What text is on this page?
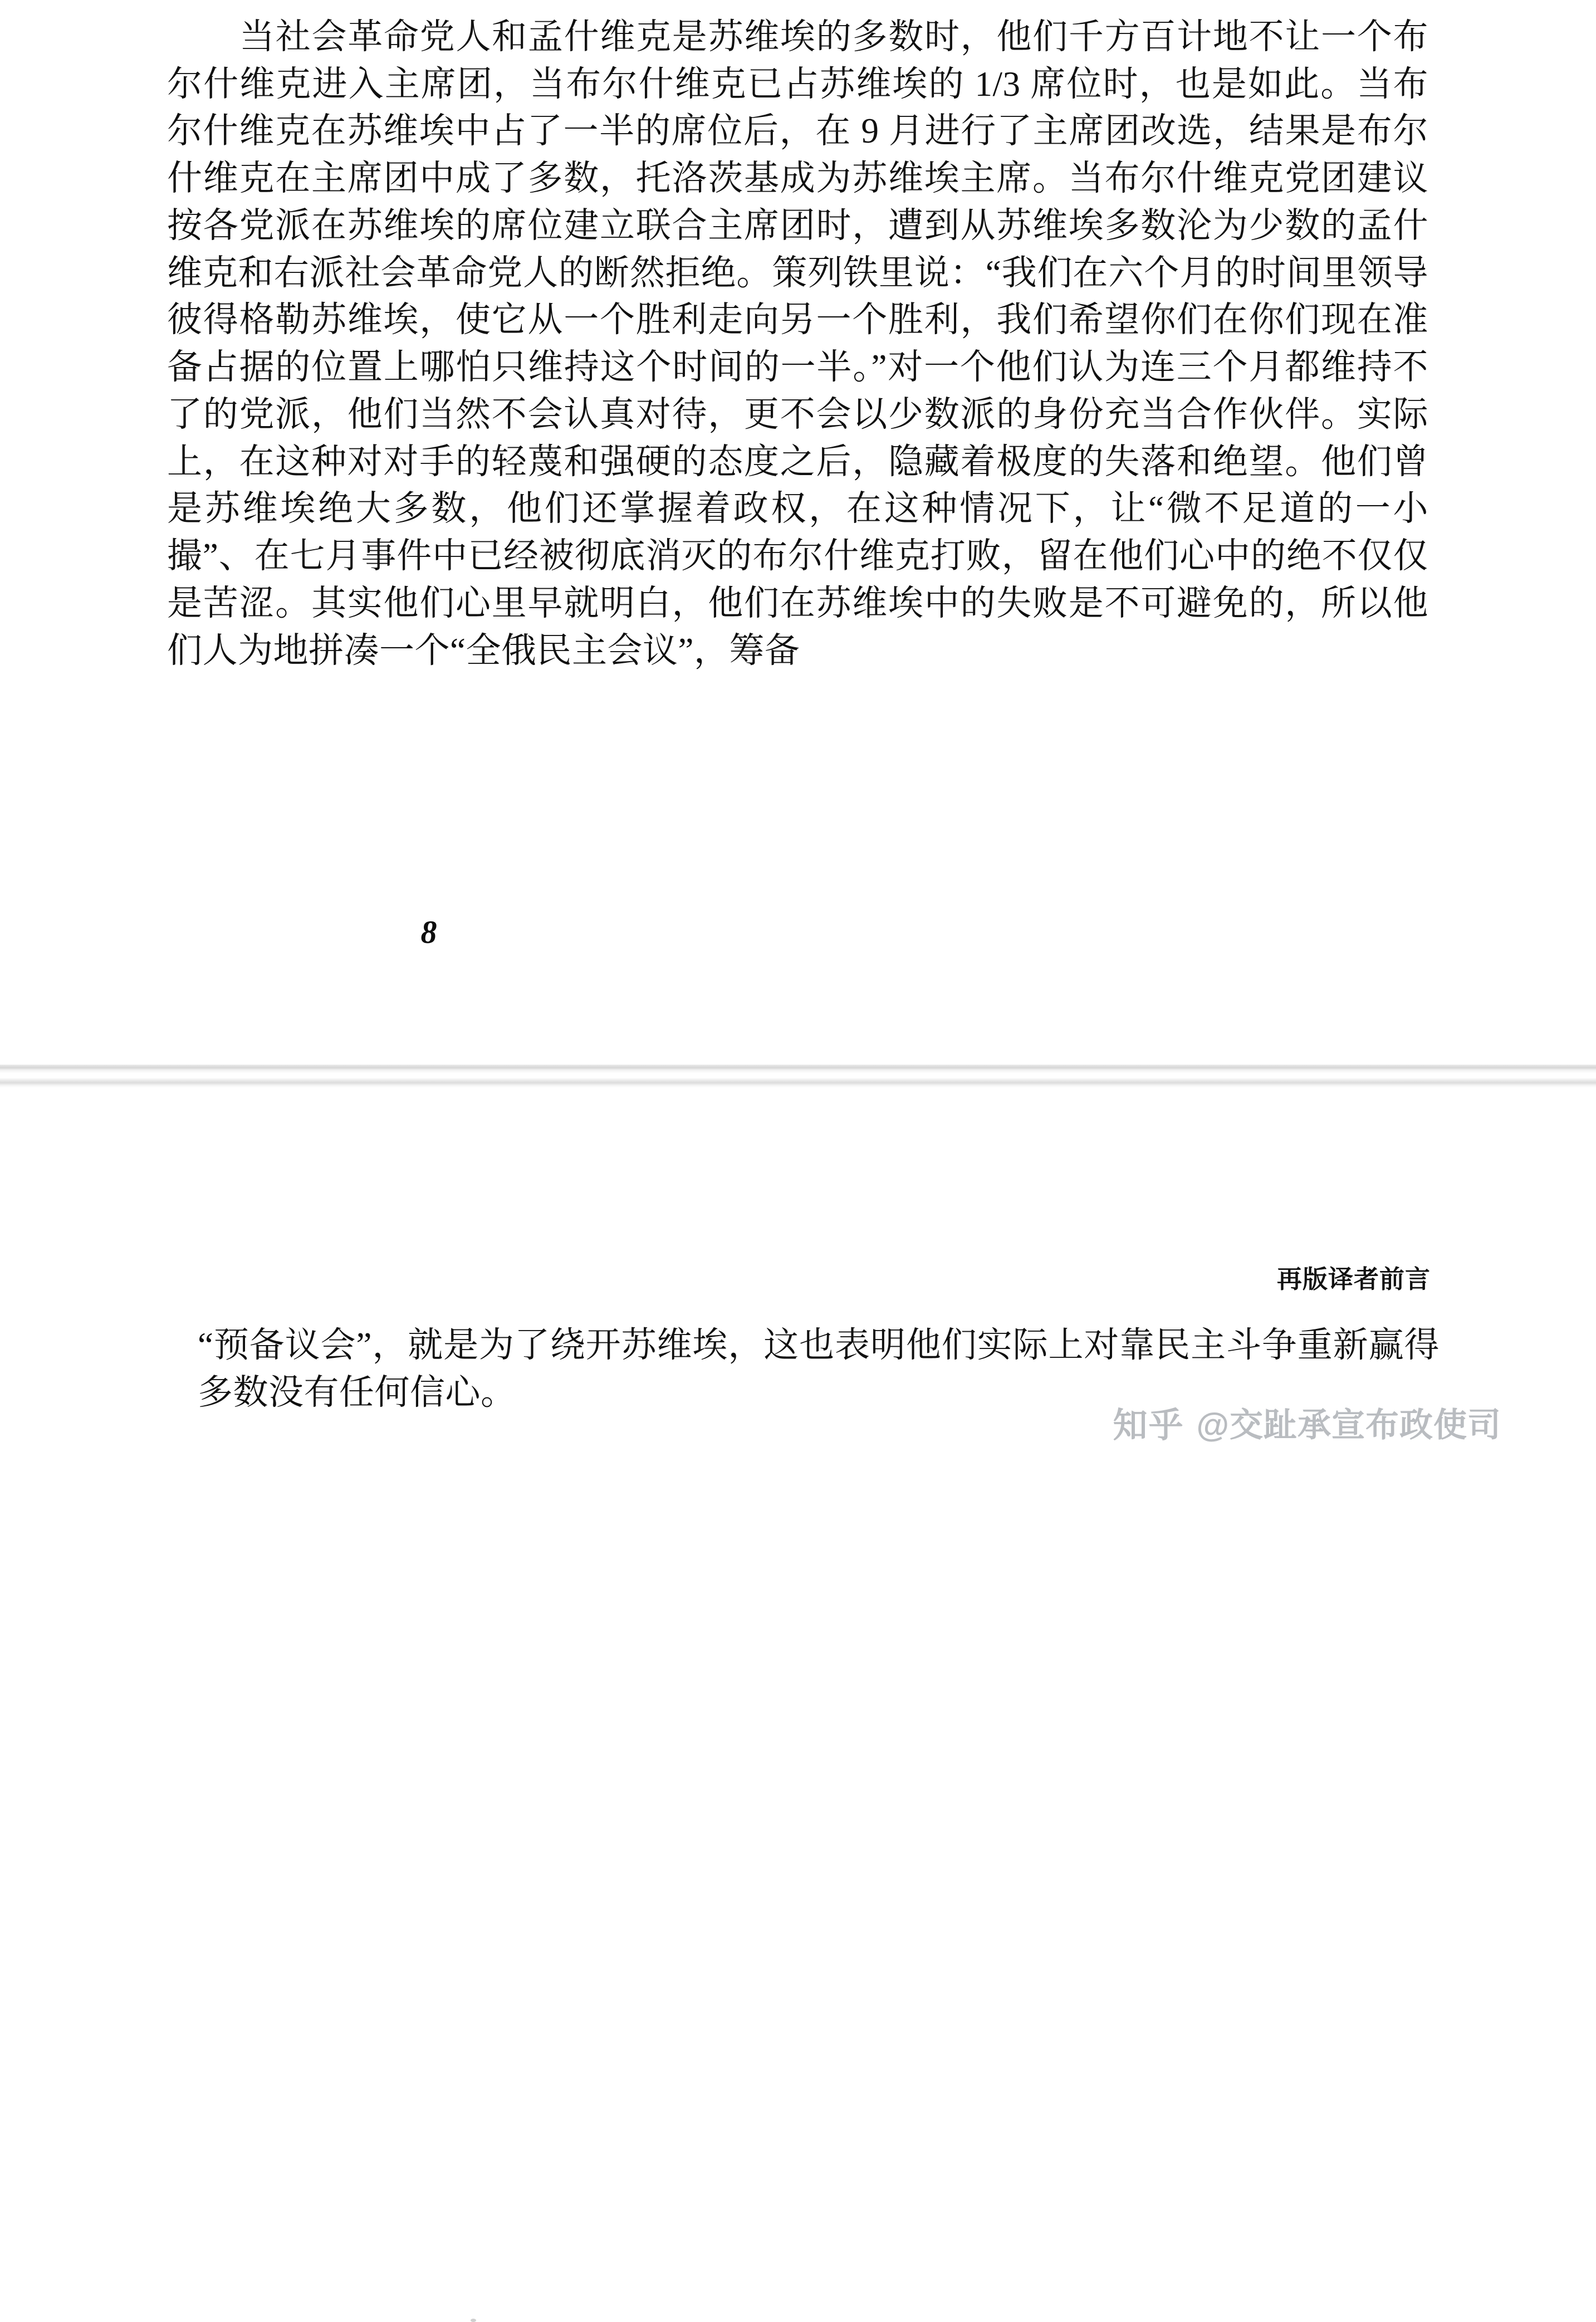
当社会革命党人和孟什维克是苏维埃的多数时，他们千方百计地不让一个布尔什维克进入主席团，当布尔什维克已占苏维埃的 1/3 席位时，也是如此。当布尔什维克在苏维埃中占了一半的席位后，在 9 月进行了主席团改选，结果是布尔什维克在主席团中成了多数，托洛茨基成为苏维埃主席。当布尔什维克党团建议按各党派在苏维埃的席位建立联合主席团时，遭到从苏维埃多数沦为少数的孟什维克和右派社会革命党人的断然拒绝。策列铁里说：“我们在六个月的时间里领导彼得格勒苏维埃，使它从一个胜利走向另一个胜利，我们希望你们在你们现在准备占据的位置上哪怕只维持这个时间的一半。”对一个他们认为连三个月都维持不了的党派，他们当然不会认真对待，更不会以少数派的身份充当合作伙伴。实际上，在这种对对手的轻蔑和强硬的态度之后，隐藏着极度的失落和绝望。他们曾是苏维埃绝大多数，他们还掌握着政权，在这种情况下，让“微不足道的一小撮”、在七月事件中已经被彻底消灭的布尔什维克打败，留在他们心中的绝不仅仅是苦涩。其实他们心里早就明白，他们在苏维埃中的失败是不可避免的，所以他们人为地拼凑一个“全俄民主会议”，筹备

8
再版译者前言

“预备议会”，就是为了绕开苏维埃，这也表明他们实际上对靠民主斗争重新赢得多数没有任何信心。

知乎 @交趾承宣布政使司
